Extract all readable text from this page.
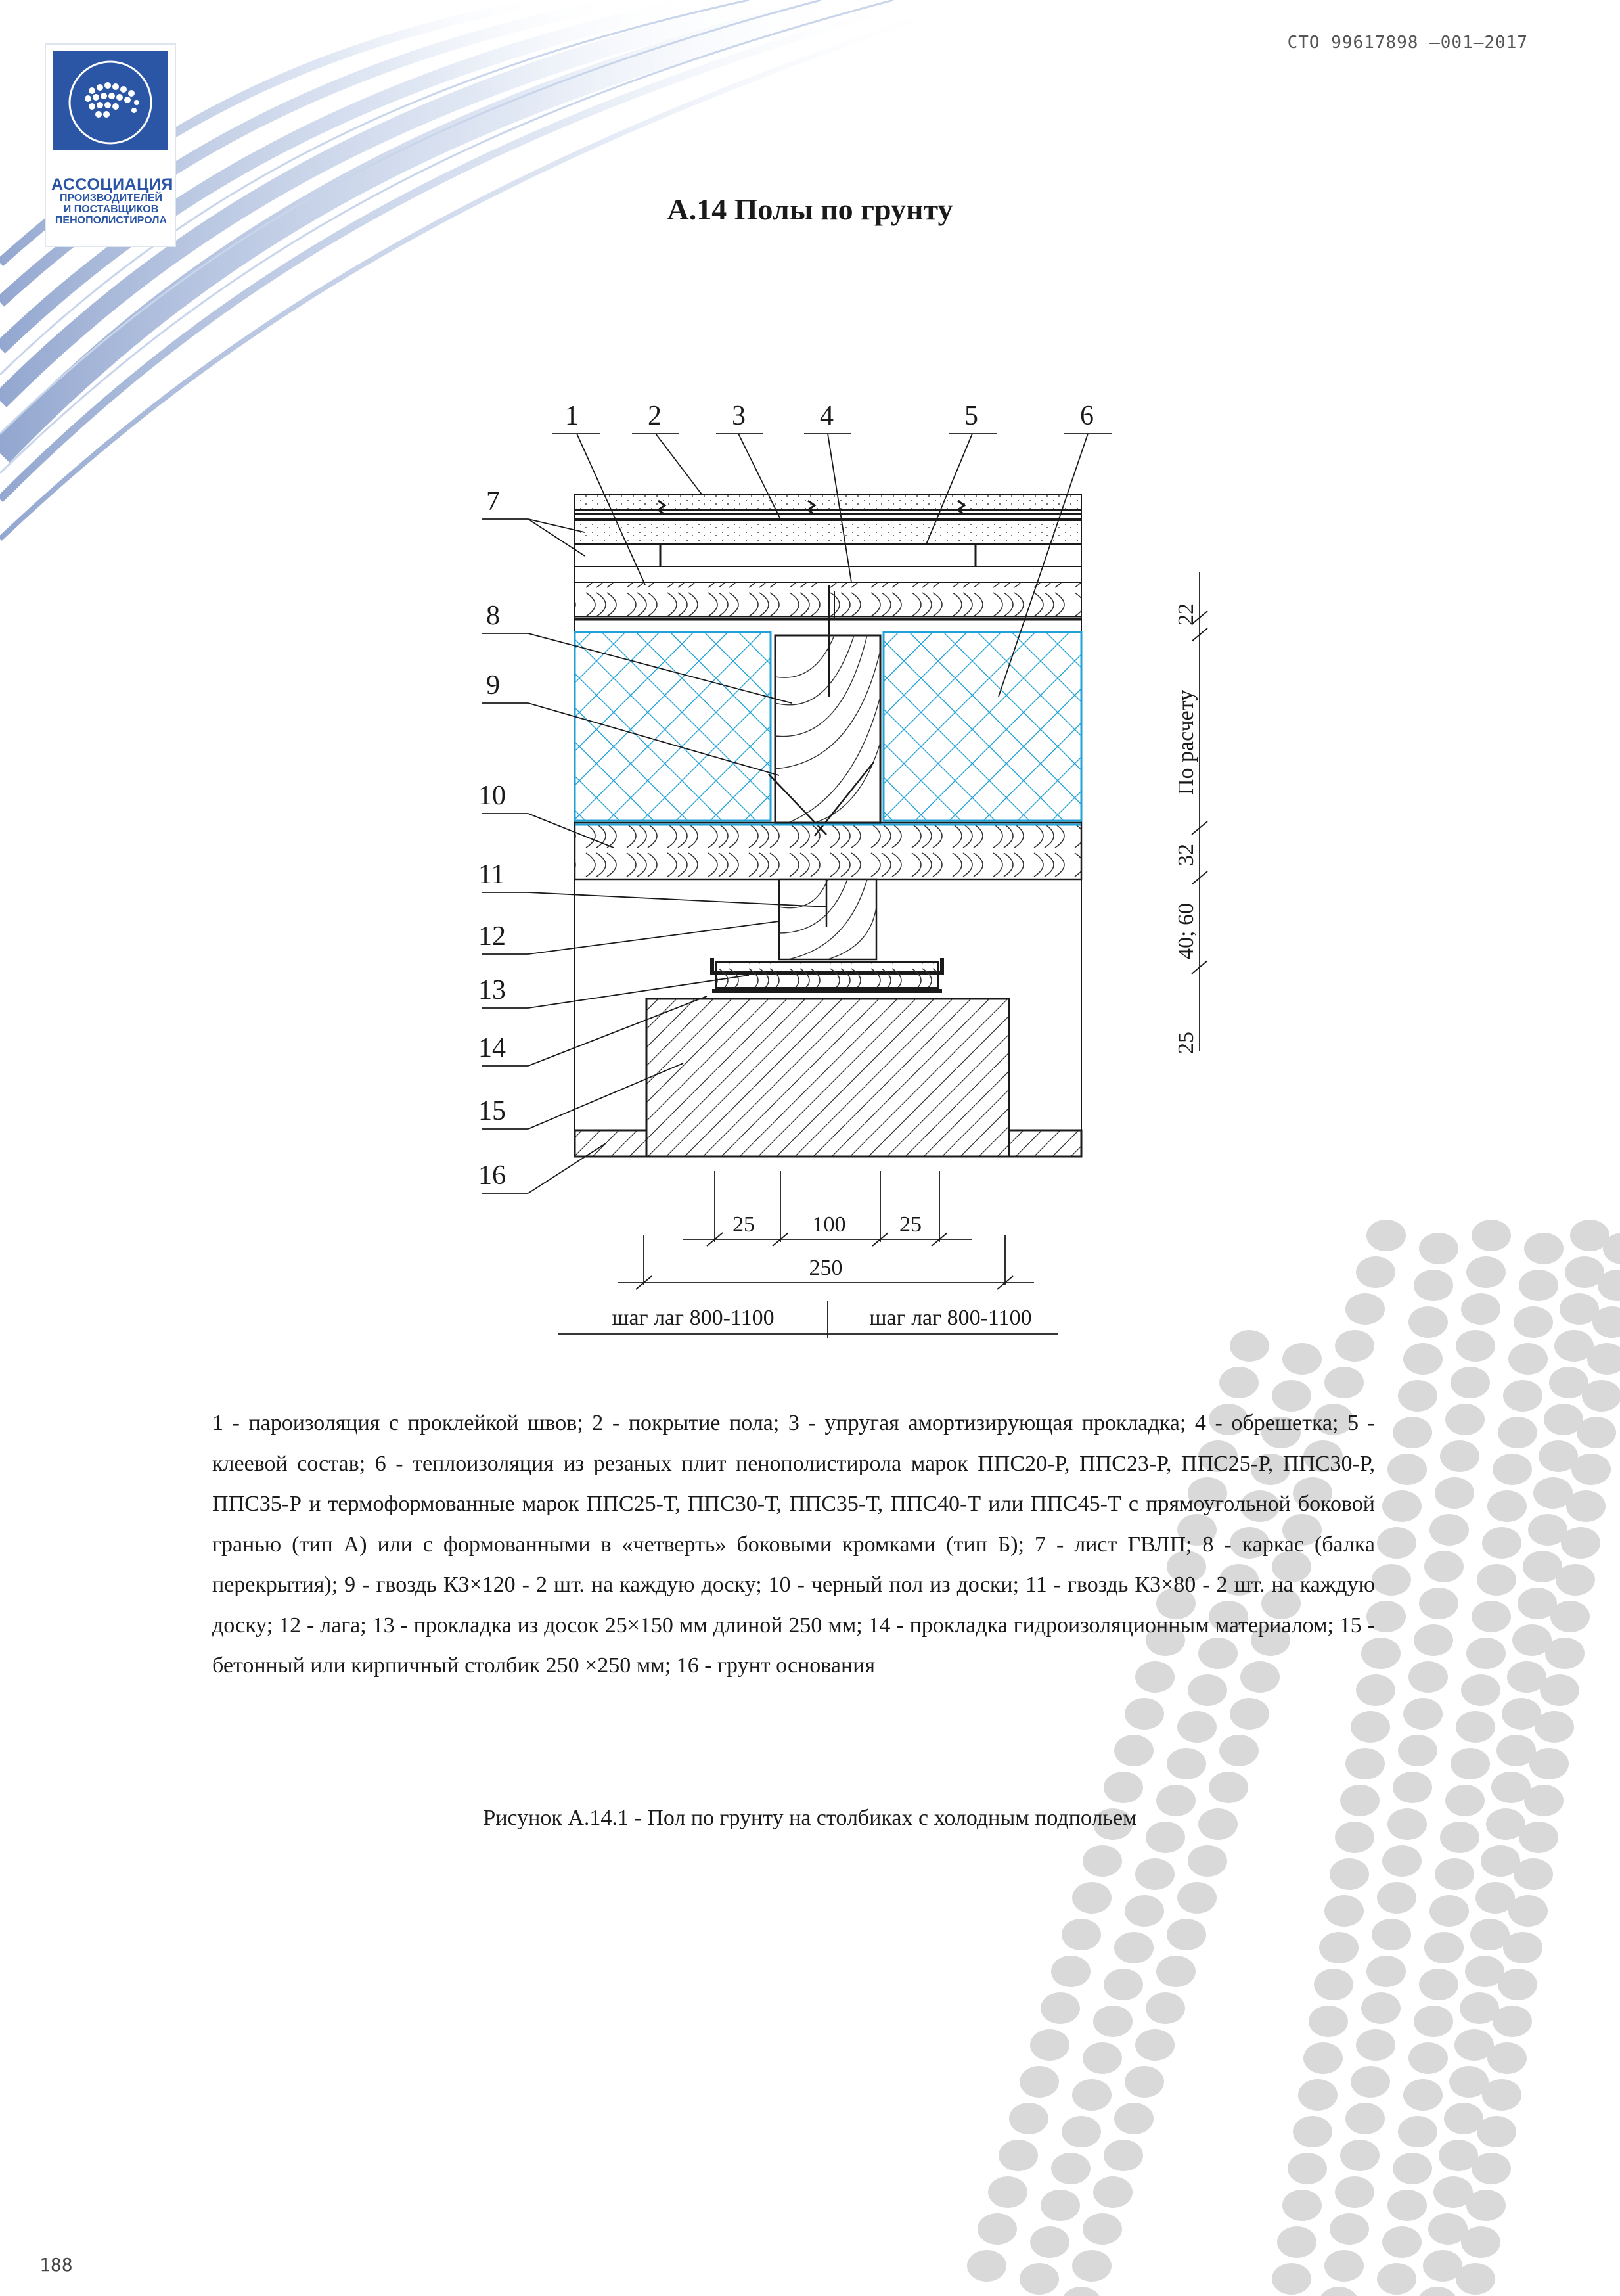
АССОЦИАЦИЯ
ПРОИЗВОДИТЕЛЕЙ
И ПОСТАВЩИКОВ
ПЕНОПОЛИСТИРОЛА
СТО 99617898 –001–2017
А.14 Полы по грунту
1	2	3	4	5	6
7
8
9
10
11
12
13
14
15
16
22
По расчету
32
40; 60
25
25	100 25
250
шаг лаг 800-1100	шаг лаг 800-1100
1 - пароизоляция с проклейкой швов; 2 - покрытие пола; 3 - упругая амортизирующая прокладка; 4 - обрешетка; 5 - клеевой состав; 6 - теплоизоляция из резаных плит пенополистирола марок ППС20-Р, ППС23-Р, ППС25-Р, ППС30-Р, ППС35-Р и термоформованные марок ППС25-Т, ППС30-Т, ППС35-Т, ППС40-Т или ППС45-Т с прямоугольной боковой гранью (тип А) или с формованными в «четверть» боковыми кромками (тип Б); 7 - лист ГВЛП; 8 - каркас (балка перекрытия); 9 - гвоздь К3×120 - 2 шт. на каждую доску; 10 - черный пол из доски; 11 - гвоздь К3×80 - 2 шт. на каждую доску; 12 - лага; 13 - прокладка из досок 25×150 мм длиной 250 мм; 14 - прокладка гидроизоляционным материалом; 15 - бетонный или кирпичный столбик 250 ×250 мм; 16 - грунт основания
Рисунок А.14.1 - Пол по грунту на столбиках с холодным подпольем
188
